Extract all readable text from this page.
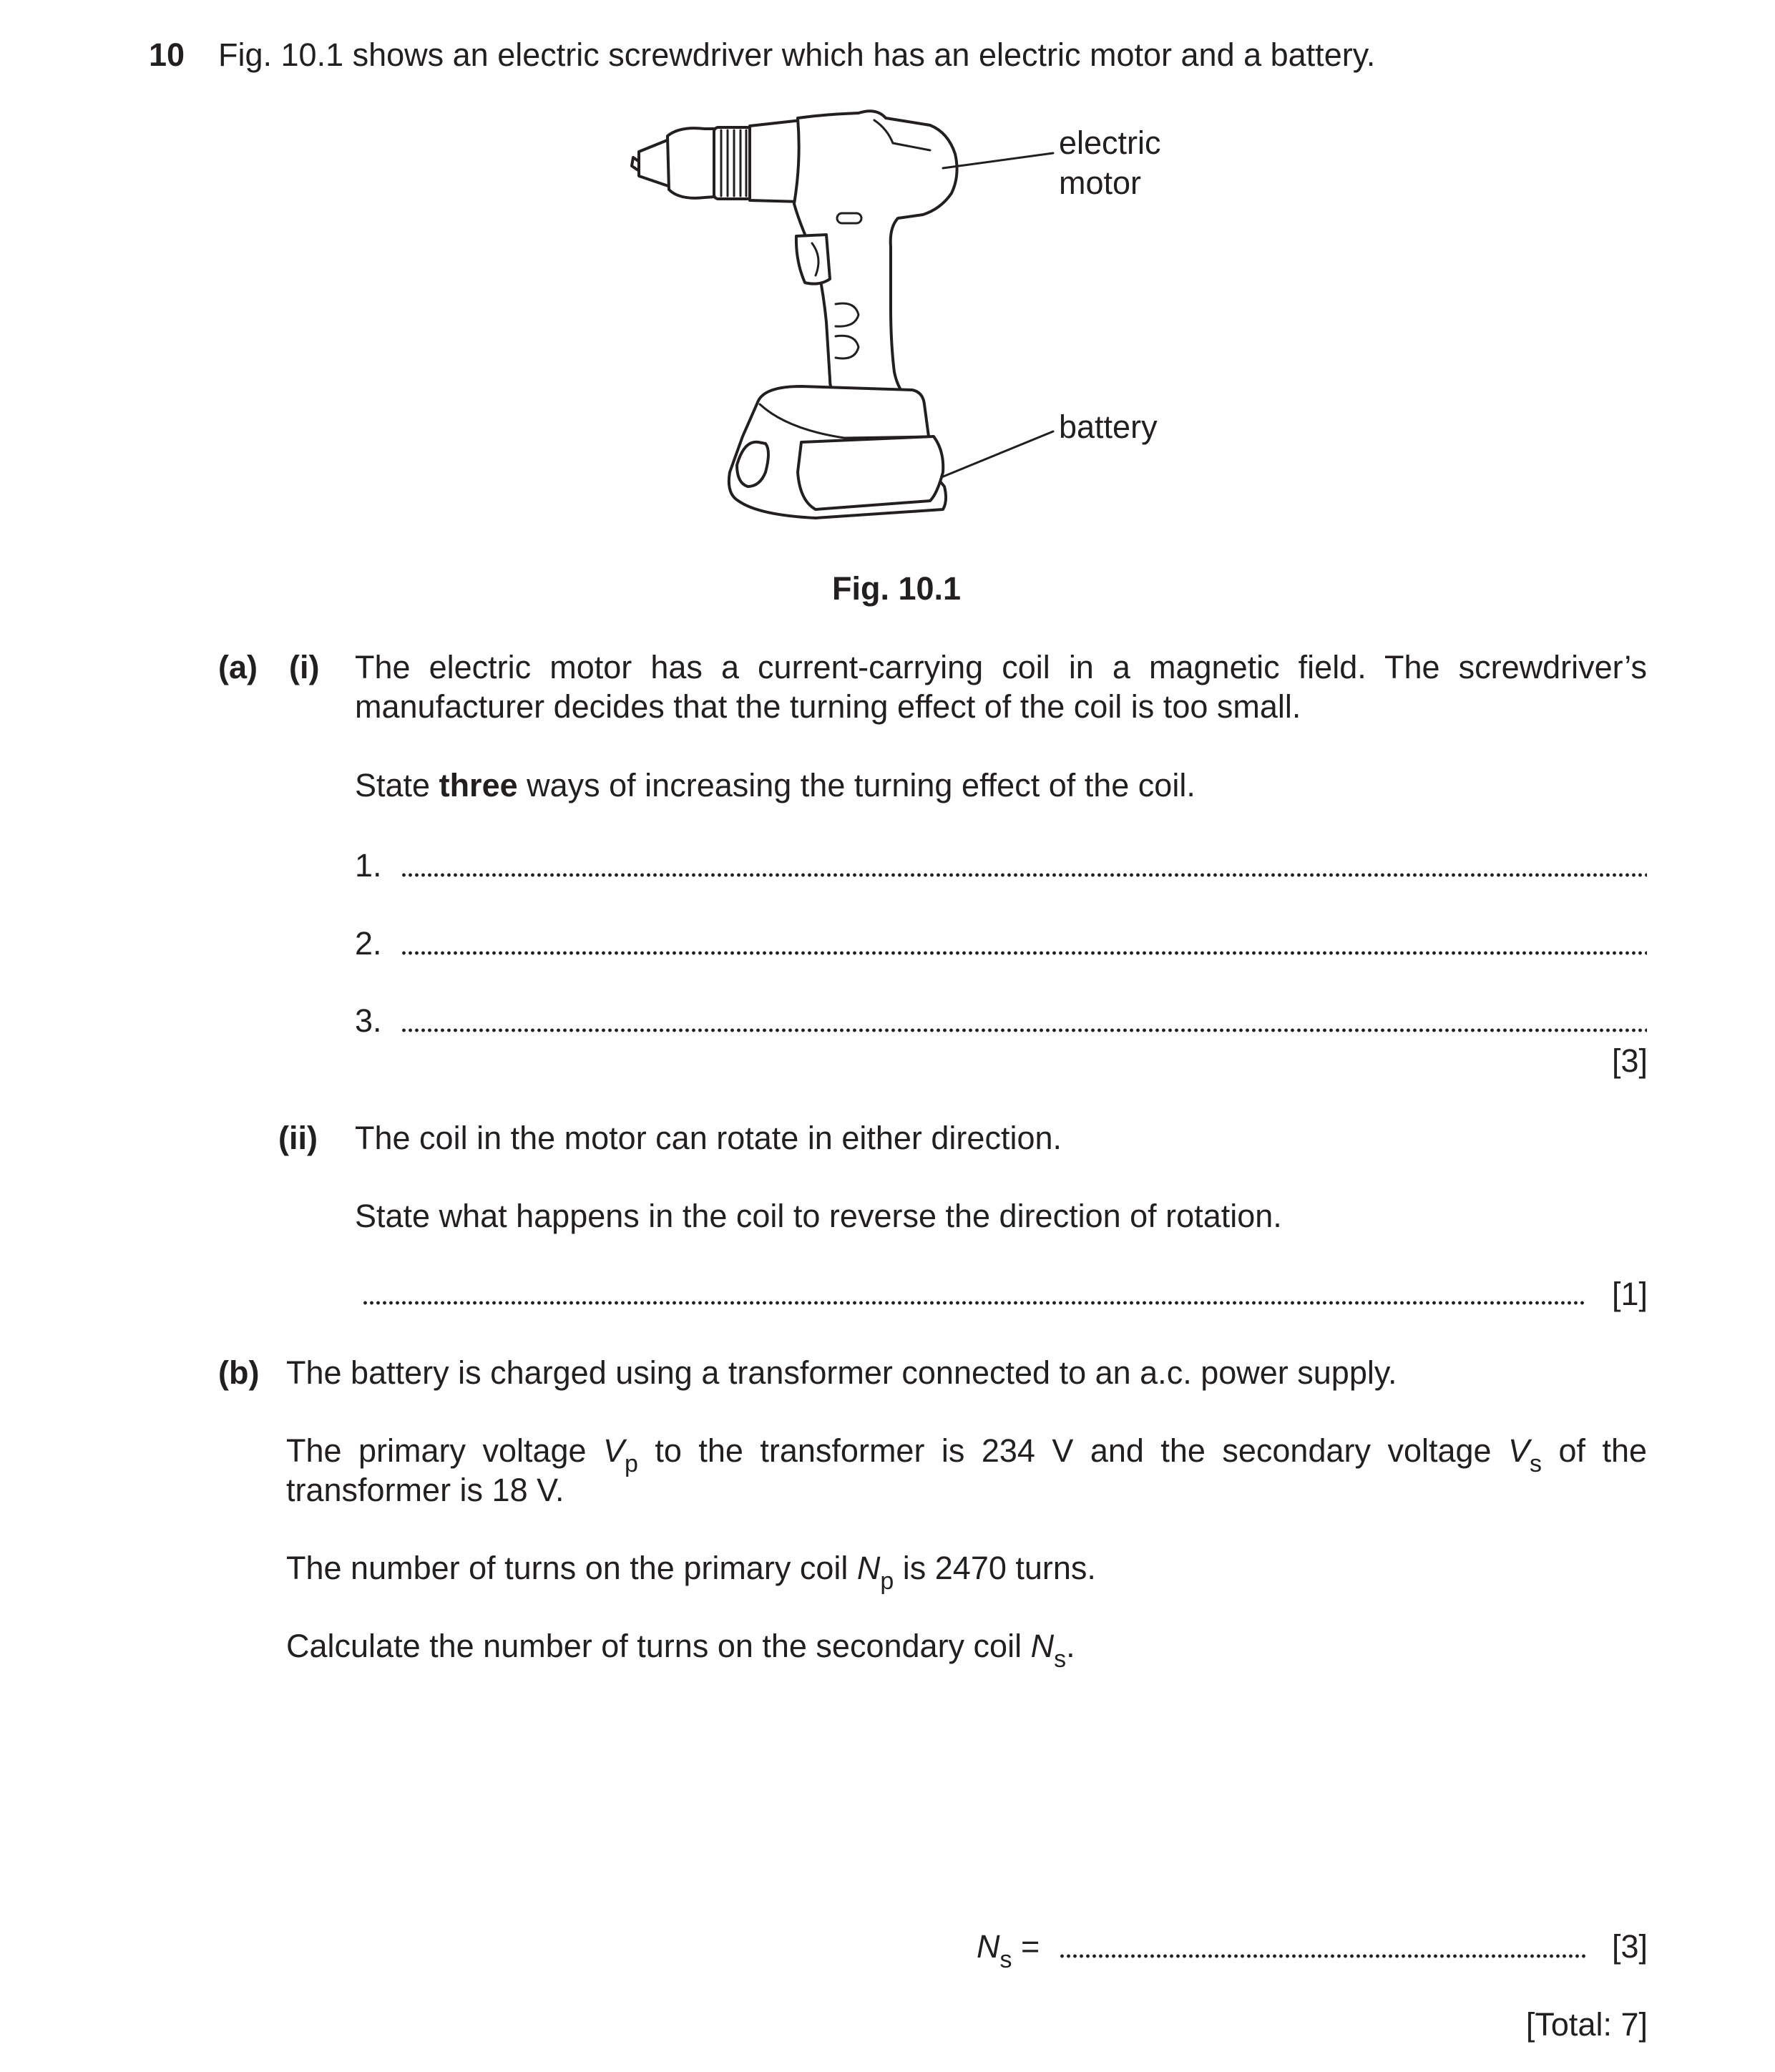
10 Fig. 10.1 shows an electric screwdriver which has an electric motor and a battery.
electric
motor
battery
Fig. 10.1
(a) (i) The electric motor has a current-carrying coil in a magnetic field. The screwdriver’s
manufacturer decides that the turning effect of the coil is too small.
State three ways of increasing the turning effect of the coil.
1.
2.
3.
[3]
(ii) The coil in the motor can rotate in either direction.
State what happens in the coil to reverse the direction of rotation.
[1]
(b) The battery is charged using a transformer connected to an a.c. power supply.
The primary voltage $V_p$ to the transformer is 234 V and the secondary voltage $V_s$ of the
transformer is 18 V.
The number of turns on the primary coil $N_p$ is 2470 turns.
Calculate the number of turns on the secondary coil $N_s$.
$N_s$ =	[3]
[Total: 7]
